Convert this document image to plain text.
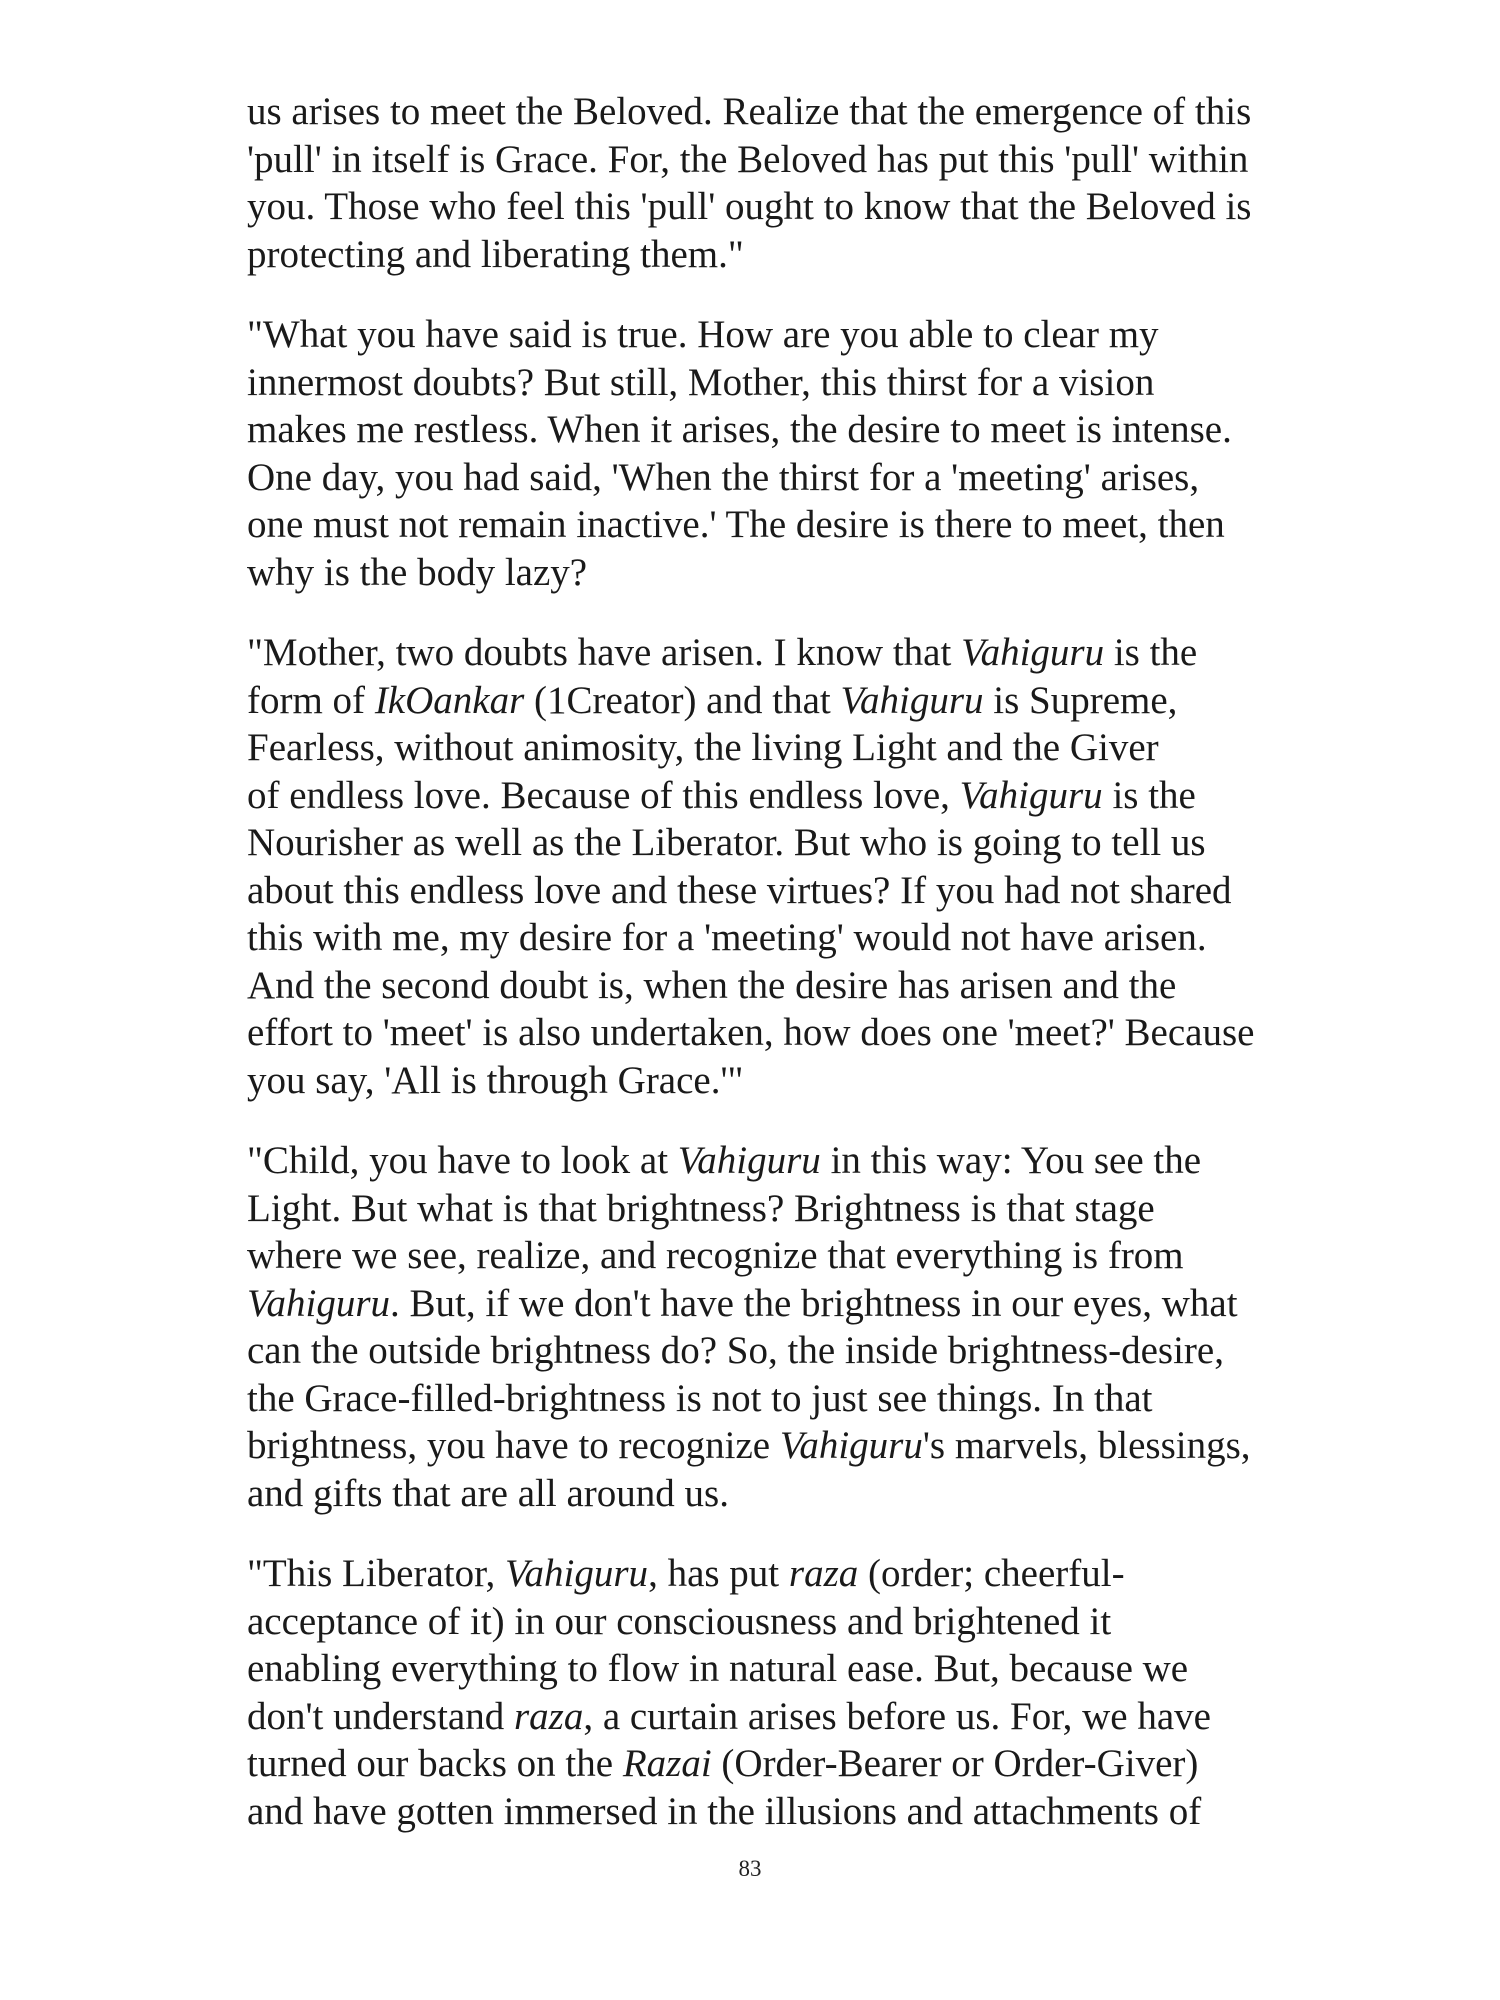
us arises to meet the Beloved. Realize that the emergence of this
'pull' in itself is Grace. For, the Beloved has put this 'pull' within
you. Those who feel this 'pull' ought to know that the Beloved is
protecting and liberating them."

"What you have said is true. How are you able to clear my
innermost doubts? But still, Mother, this thirst for a vision
makes me restless. When it arises, the desire to meet is intense.
One day, you had said, 'When the thirst for a 'meeting' arises,
one must not remain inactive.' The desire is there to meet, then
why is the body lazy?

"Mother, two doubts have arisen. I know that Vahiguru is the
form of IkOankar (1Creator) and that Vahiguru is Supreme,
Fearless, without animosity, the living Light and the Giver
of endless love. Because of this endless love, Vahiguru is the
Nourisher as well as the Liberator. But who is going to tell us
about this endless love and these virtues? If you had not shared
this with me, my desire for a 'meeting' would not have arisen.
And the second doubt is, when the desire has arisen and the
effort to 'meet' is also undertaken, how does one 'meet?' Because
you say, 'All is through Grace.'"

"Child, you have to look at Vahiguru in this way: You see the
Light. But what is that brightness? Brightness is that stage
where we see, realize, and recognize that everything is from
Vahiguru. But, if we don't have the brightness in our eyes, what
can the outside brightness do? So, the inside brightness-desire,
the Grace-filled-brightness is not to just see things. In that
brightness, you have to recognize Vahiguru's marvels, blessings,
and gifts that are all around us.

"This Liberator, Vahiguru, has put raza (order; cheerful-
acceptance of it) in our consciousness and brightened it
enabling everything to flow in natural ease. But, because we
don't understand raza, a curtain arises before us. For, we have
turned our backs on the Razai (Order-Bearer or Order-Giver)
and have gotten immersed in the illusions and attachments of

83
